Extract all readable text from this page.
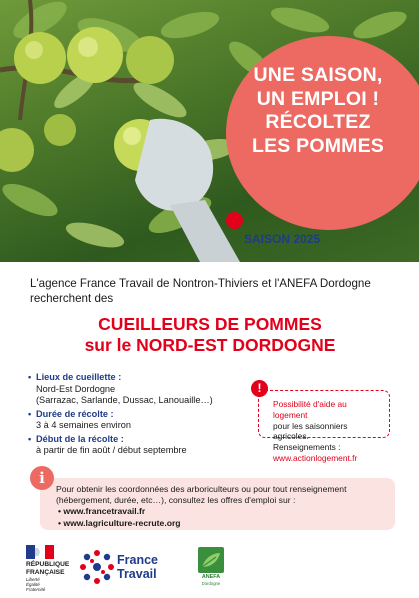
UNE SAISON,
UN EMPLOI !
RÉCOLTEZ
LES POMMES
SAISON 2025
L'agence France Travail de Nontron-Thiviers et l'ANEFA Dordogne
recherchent des
CUEILLEURS DE POMMES
sur le NORD-EST DORDOGNE
• Lieux de cueillette :
Nord-Est Dordogne
(Sarrazac, Sarlande, Dussac, Lanouaille…)
• Durée de récolte :
3 à 4 semaines environ
• Début de la récolte :
à partir de fin août / début septembre
Possibilité d'aide au logement
pour les saisonniers agricoles.
Renseignements :
www.actionlogement.fr
!
Pour obtenir les coordonnées des arboriculteurs ou pour tout renseignement
(hébergement, durée, etc…), consultez les offres d'emploi sur :
• www.francetravail.fr
• www.lagriculture-recrute.org
i
RÉPUBLIQUE
FRANÇAISE
Liberté
Égalité
Fraternité
France
Travail	ANEFA
Dordogne
